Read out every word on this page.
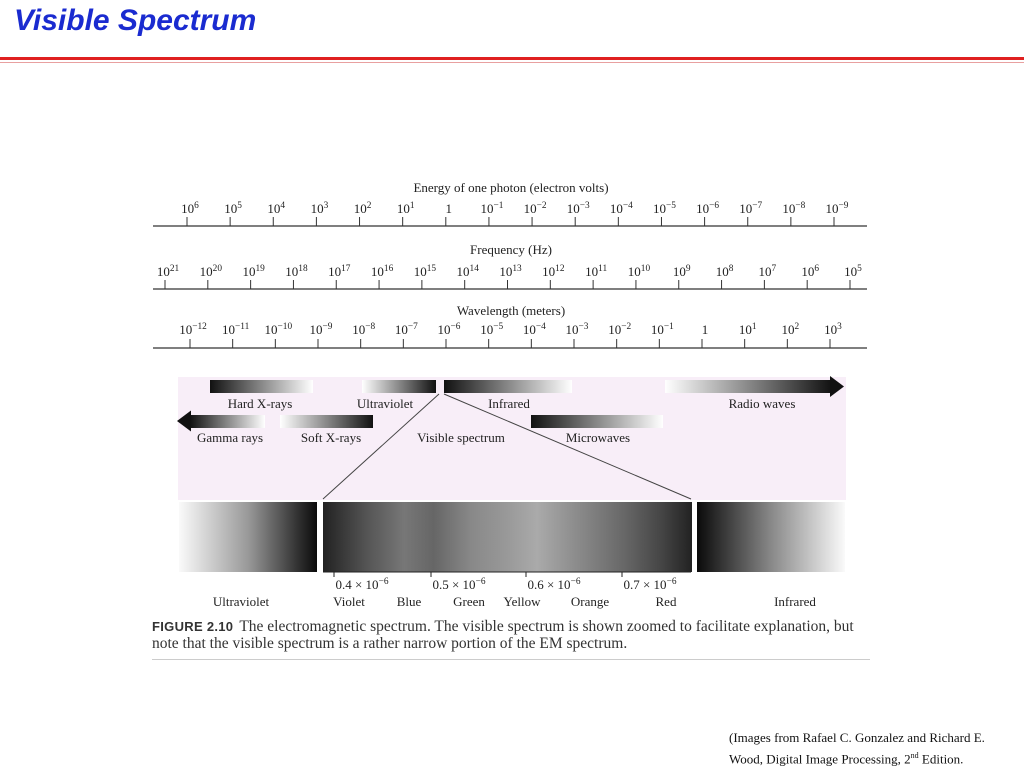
Visible Spectrum
Energy of one photon (electron volts)
$10^6$ $10^5$ $10^4$ $10^3$ $10^2$ $10^1$ 1 $10^{-1}$ $10^{-2}$ $10^{-3}$ $10^{-4}$ $10^{-5}$ $10^{-6}$ $10^{-7}$ $10^{-8}$ $10^{-9}$
Frequency (Hz)
$10^{21}$ $10^{20}$ $10^{19}$ $10^{18}$ $10^{17}$ $10^{16}$ $10^{15}$ $10^{14}$ $10^{13}$ $10^{12}$ $10^{11}$ $10^{10}$ $10^9$ $10^8$ $10^7$ $10^6$ $10^5$
Wavelength (meters)
$10^{-12}$ $10^{-11}$ $10^{-10}$ $10^{-9}$ $10^{-8}$ $10^{-7}$ $10^{-6}$ $10^{-5}$ $10^{-4}$ $10^{-3}$ $10^{-2}$ $10^{-1}$ 1 $10^1$ $10^2$ $10^3$
Hard X-rays	Ultraviolet	Infrared	Radio waves
Gamma rays	Soft X-rays	Visible spectrum	Microwaves
$0.4 \times 10^{-6}$	$0.5 \times 10^{-6}$	$0.6 \times 10^{-6}$	$0.7 \times 10^{-6}$
Ultraviolet	Infrared
Violet Blue Green Yellow Orange	Red
FIGURE 2.10 The electromagnetic spectrum. The visible spectrum is shown zoomed to facilitate explanation, but note that the visible spectrum is a rather narrow portion of the EM spectrum.
(Images from Rafael C. Gonzalez and Richard E. Wood, Digital Image Processing, 2nd Edition.
